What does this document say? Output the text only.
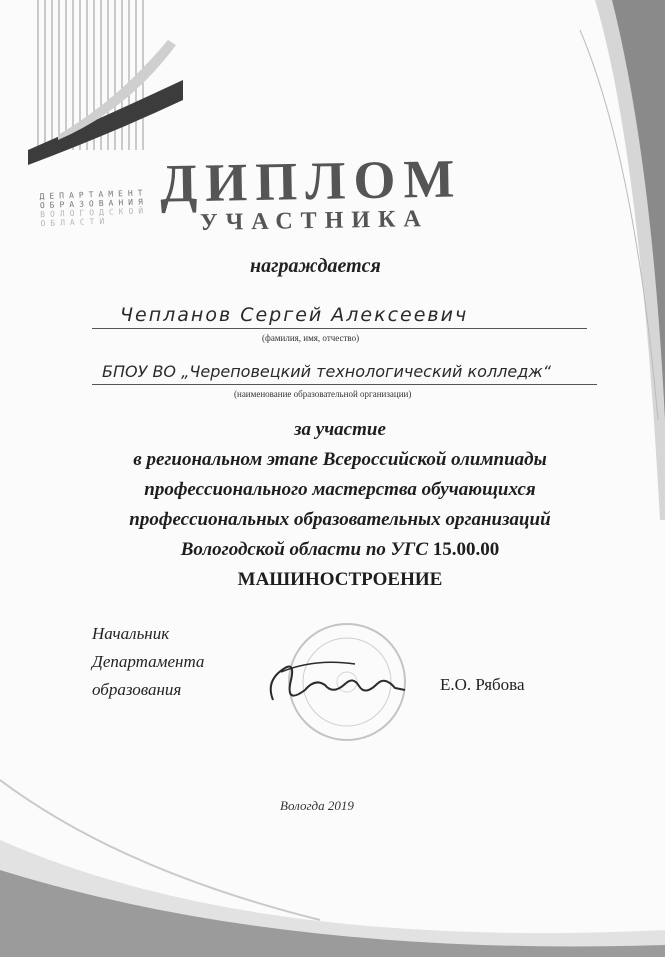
ДЕПАРТАМЕНТ
ОБРАЗОВАНИЯ
ВОЛОГОДСКОЙ
ОБЛАСТИ
ДИПЛОМ
УЧАСТНИКА
награждается
Чепланов Сергей Алексеевич
(фамилия, имя, отчество)
БПОУ ВО „Череповецкий технологический колледж“
(наименование образовательной организации)
за участие
в региональном этапе Всероссийской олимпиады
профессионального мастерства обучающихся
профессиональных образовательных организаций
Вологодской области по УГС 15.00.00
МАШИНОСТРОЕНИЕ
Начальник
Департамента
образования	Е.О. Рябова
Вологда 2019
